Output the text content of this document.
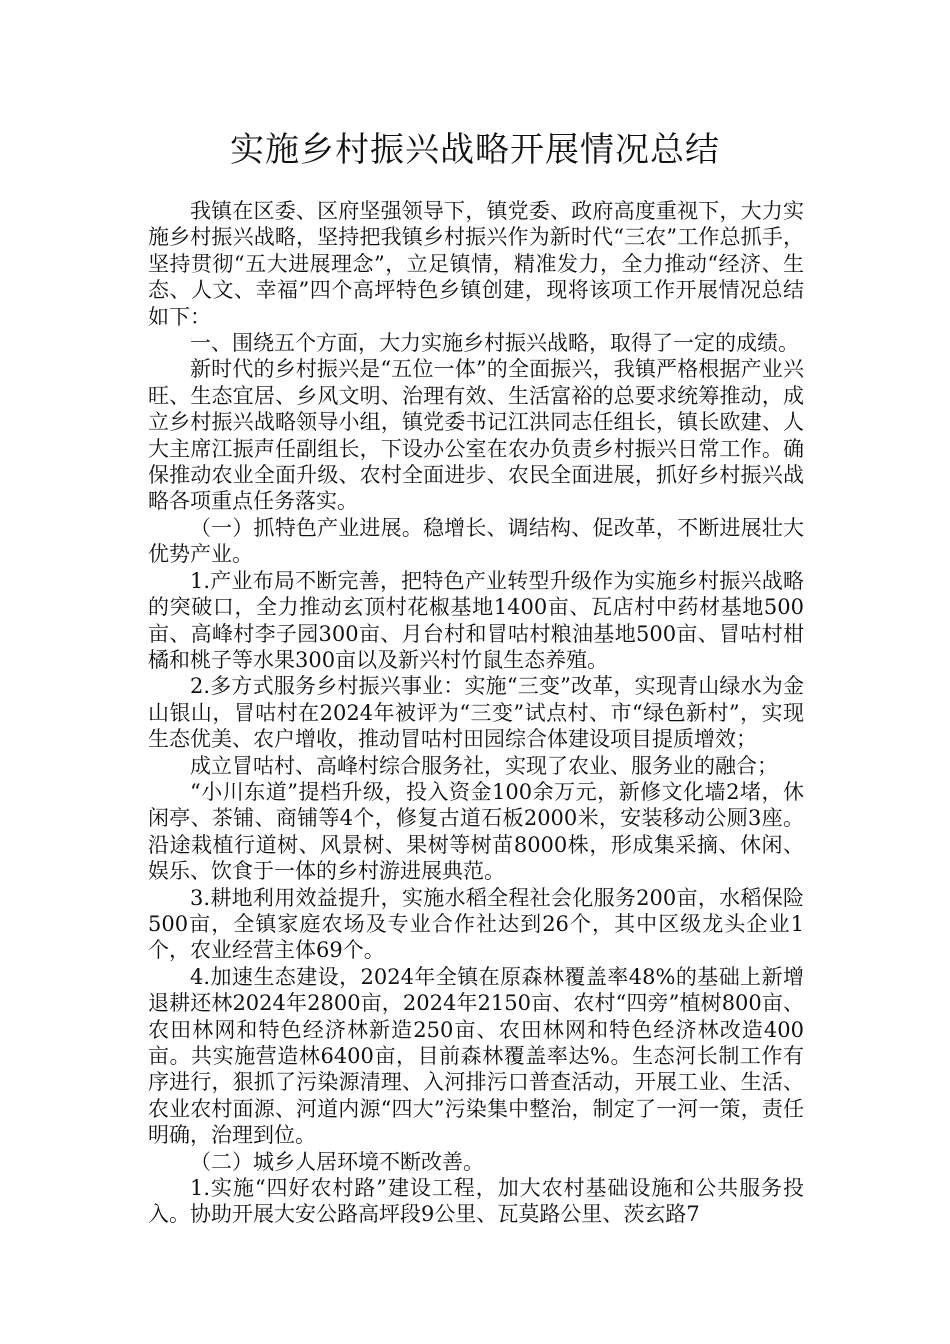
实施乡村振兴战略开展情况总结

我镇在区委、区府坚强领导下，镇党委、政府高度重视下，大力实施乡村振兴战略，坚持把我镇乡村振兴作为新时代“三农”工作总抓手，坚持贯彻“五大进展理念”，立足镇情，精准发力，全力推动“经济、生态、人文、幸福”四个高坪特色乡镇创建，现将该项工作开展情况总结如下：

一、围绕五个方面，大力实施乡村振兴战略，取得了一定的成绩。

新时代的乡村振兴是“五位一体”的全面振兴，我镇严格根据产业兴旺、生态宜居、乡风文明、治理有效、生活富裕的总要求统筹推动，成立乡村振兴战略领导小组，镇党委书记江洪同志任组长，镇长欧建、人大主席江振声任副组长，下设办公室在农办负责乡村振兴日常工作。确保推动农业全面升级、农村全面进步、农民全面进展，抓好乡村振兴战略各项重点任务落实。

（一）抓特色产业进展。稳增长、调结构、促改革，不断进展壮大优势产业。

1.产业布局不断完善，把特色产业转型升级作为实施乡村振兴战略的突破口，全力推动玄顶村花椒基地1400亩、瓦店村中药材基地500亩、高峰村李子园300亩、月台村和冒咕村粮油基地500亩、冒咕村柑橘和桃子等水果300亩以及新兴村竹鼠生态养殖。

2.多方式服务乡村振兴事业：实施“三变”改革，实现青山绿水为金山银山，冒咕村在2024年被评为“三变”试点村、市“绿色新村”，实现生态优美、农户增收，推动冒咕村田园综合体建设项目提质增效；

成立冒咕村、高峰村综合服务社，实现了农业、服务业的融合；

“小川东道”提档升级，投入资金100余万元，新修文化墙2堵，休闲亭、茶铺、商铺等4个，修复古道石板2000米，安装移动公厕3座。沿途栽植行道树、风景树、果树等树苗8000株，形成集采摘、休闲、娱乐、饮食于一体的乡村游进展典范。

3.耕地利用效益提升，实施水稻全程社会化服务200亩，水稻保险500亩，全镇家庭农场及专业合作社达到26个，其中区级龙头企业1个，农业经营主体69个。

4.加速生态建设，2024年全镇在原森林覆盖率48%的基础上新增退耕还林2024年2800亩，2024年2150亩、农村“四旁”植树800亩、农田林网和特色经济林新造250亩、农田林网和特色经济林改造400亩。共实施营造林6400亩，目前森林覆盖率达%。生态河长制工作有序进行，狠抓了污染源清理、入河排污口普查活动，开展工业、生活、农业农村面源、河道内源“四大”污染集中整治，制定了一河一策，责任明确，治理到位。

（二）城乡人居环境不断改善。

1.实施“四好农村路”建设工程，加大农村基础设施和公共服务投入。协助开展大安公路高坪段9公里、瓦莫路公里、茨玄路7
